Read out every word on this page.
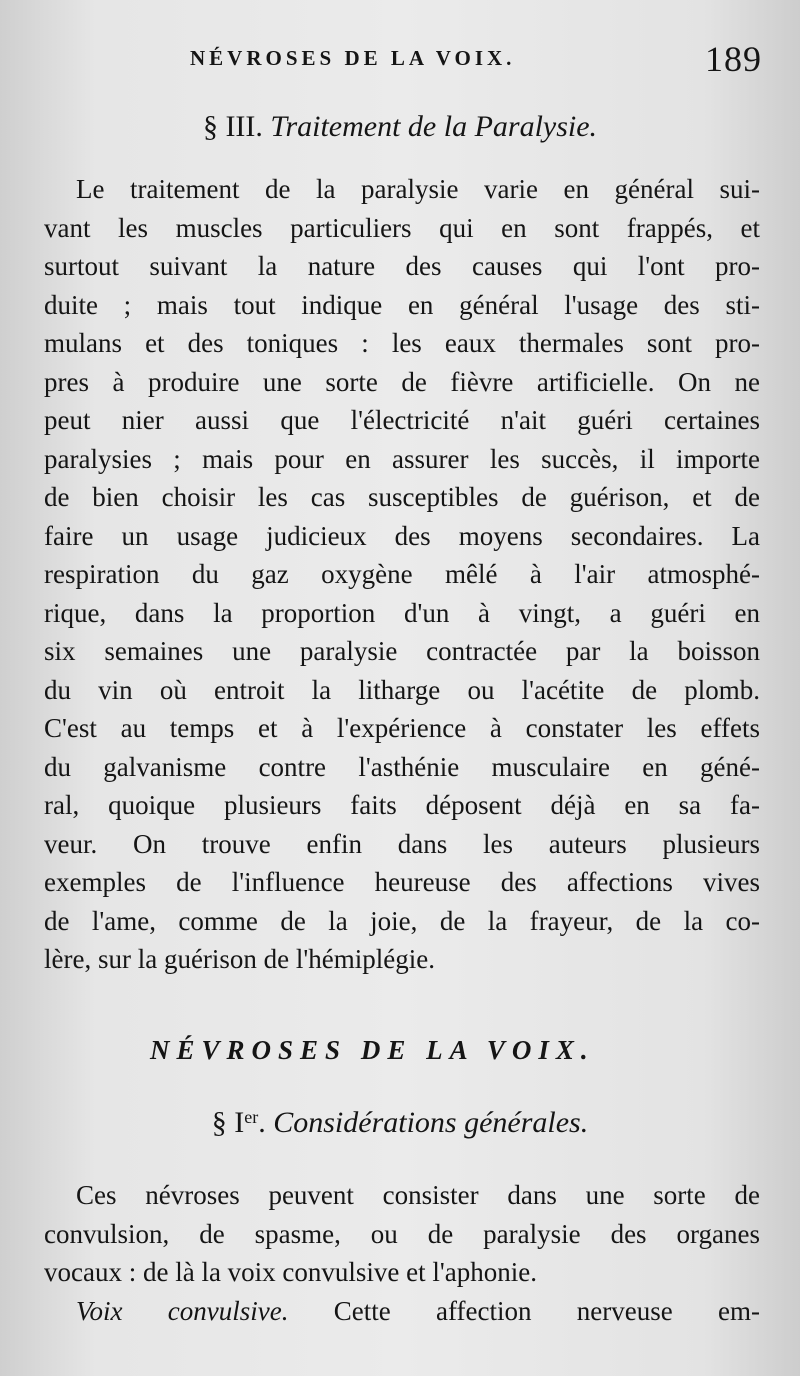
NÉVROSES DE LA VOIX.	189
§ III. Traitement de la Paralysie.
Le traitement de la paralysie varie en général sui-
vant les muscles particuliers qui en sont frappés, et
surtout suivant la nature des causes qui l'ont pro-
duite ; mais tout indique en général l'usage des sti-
mulans et des toniques : les eaux thermales sont pro-
pres à produire une sorte de fièvre artificielle. On ne
peut nier aussi que l'électricité n'ait guéri certaines
paralysies ; mais pour en assurer les succès, il importe
de bien choisir les cas susceptibles de guérison, et de
faire un usage judicieux des moyens secondaires. La
respiration du gaz oxygène mêlé à l'air atmosphé-
rique, dans la proportion d'un à vingt, a guéri en
six semaines une paralysie contractée par la boisson
du vin où entroit la litharge ou l'acétite de plomb.
C'est au temps et à l'expérience à constater les effets
du galvanisme contre l'asthénie musculaire en géné-
ral, quoique plusieurs faits déposent déjà en sa fa-
veur. On trouve enfin dans les auteurs plusieurs
exemples de l'influence heureuse des affections vives
de l'ame, comme de la joie, de la frayeur, de la co-
lère, sur la guérison de l'hémiplégie.
NÉVROSES DE LA VOIX.
§ Ier. Considérations générales.
Ces névroses peuvent consister dans une sorte de
convulsion, de spasme, ou de paralysie des organes
vocaux : de là la voix convulsive et l'aphonie.
Voix convulsive. Cette affection nerveuse em-
